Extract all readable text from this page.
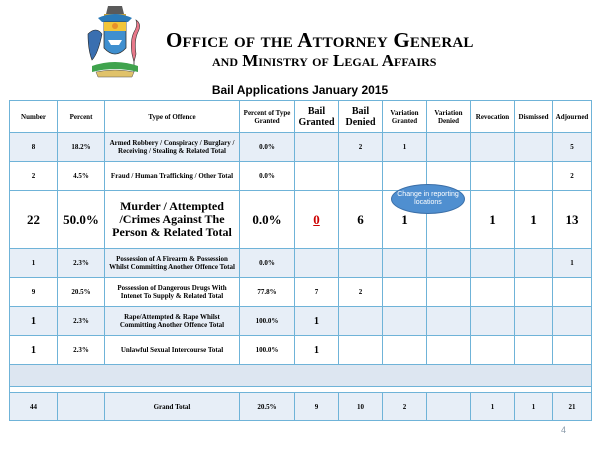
Office of the Attorney General
and Ministry of Legal Affairs
Bail Applications January 2015
Number	Percent	Type of Offence	Percent of Type Granted	Bail Granted	Bail Denied	Variation Granted	Variation Denied	Revocation	Dismissed	Adjourned
8	18.2%	Armed Robbery / Conspiracy / Burglary / Receiving / Stealing & Related Total	0.0%		2	1				5
2	4.5%	Fraud / Human Trafficking / Other Total	0.0%							2
22	50.0%	Murder / Attempted /Crimes Against The Person & Related Total	0.0%	0	6	1		1	1	13
1	2.3%	Possession of A Firearm & Possession Whilst Committing Another Offence Total	0.0%							1
9	20.5%	Possession of Dangerous Drugs With Intenet To Supply & Related Total	77.8%	7	2					
1	2.3%	Rape/Attempted & Rape Whilst Committing Another Offence Total	100.0%	1						
1	2.3%	Unlawful Sexual Intercourse Total	100.0%	1						

44		Grand Total	20.5%	9	10	2		1	1	21
Change in reporting locations
4
